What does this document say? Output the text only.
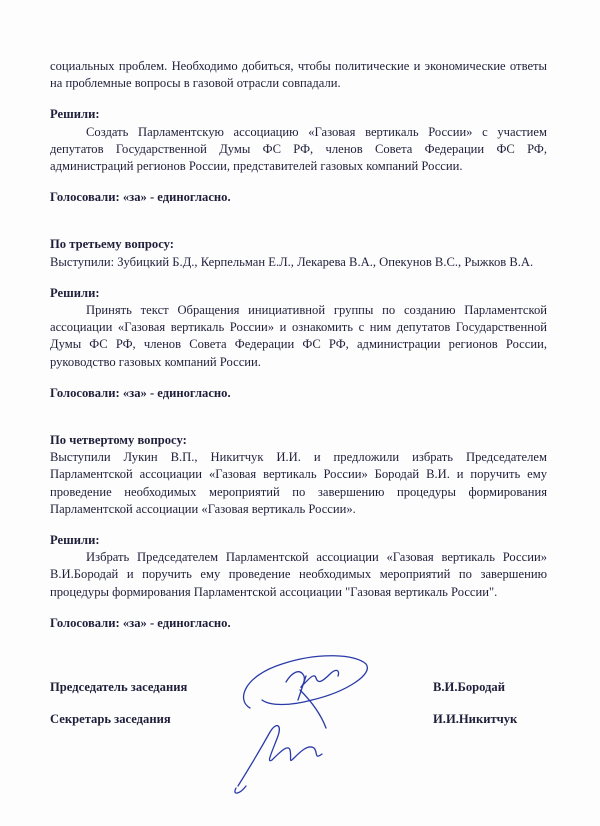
социальных проблем. Необходимо добиться, чтобы политические и экономические ответы на проблемные вопросы в газовой отрасли совпадали.

Решили:

Создать Парламентскую ассоциацию «Газовая вертикаль России» с участием депутатов Государственной Думы ФС РФ, членов Совета Федерации ФС РФ, администраций регионов России, представителей газовых компаний России.

Голосовали: «за» - единогласно.

По третьему вопросу:

Выступили: Зубицкий Б.Д., Керпельман Е.Л., Лекарева В.А., Опекунов В.С., Рыжков В.А.

Решили:

Принять текст Обращения инициативной группы по созданию Парламентской ассоциации «Газовая вертикаль России» и ознакомить с ним депутатов Государственной Думы ФС РФ, членов Совета Федерации ФС РФ, администрации регионов России, руководство газовых компаний России.

Голосовали: «за» - единогласно.

По четвертому вопросу:

Выступили Лукин В.П., Никитчук И.И. и предложили избрать Председателем Парламентской ассоциации «Газовая вертикаль России» Бородай В.И. и поручить ему проведение необходимых мероприятий по завершению процедуры формирования Парламентской ассоциации «Газовая вертикаль России».

Решили:

Избрать Председателем Парламентской ассоциации «Газовая вертикаль России» В.И.Бородай и поручить ему проведение необходимых мероприятий по завершению процедуры формирования Парламентской ассоциации "Газовая вертикаль России".

Голосовали: «за» - единогласно.

Председатель заседания	В.И.Бородай
Секретарь заседания	И.И.Никитчук
